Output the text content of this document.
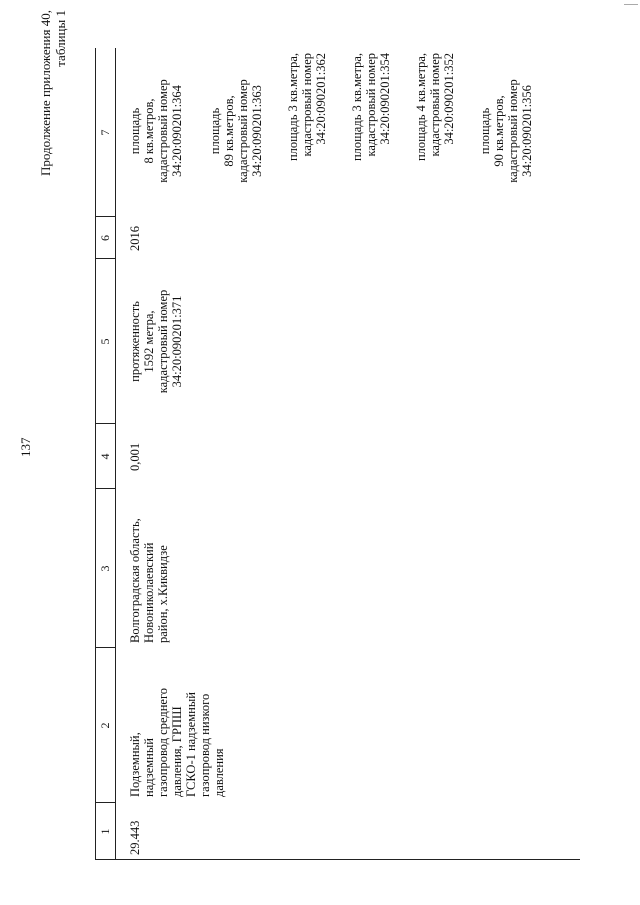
137
Продолжение приложения 40, таблицы 1
1
2
3
4
5
6
7
29.443
Подземный, надземный газопровод среднего давления, ГРПШ ГСКО-1 надземный газопровод низкого давления
Волгоградская область, Новониколаевский район, х.Киквидзе
0,001
протяженность 1592 метра, кадастровый номер 34:20:090201:371
2016
площадь 8 кв.метров, кадастровый номер 34:20:090201:364 площадь 89 кв.метров, кадастровый номер 34:20:090201:363 площадь 3 кв.метра, кадастровый номер 34:20:090201:362 площадь 3 кв.метра, кадастровый номер 34:20:090201:354 площадь 4 кв.метра, кадастровый номер 34:20:090201:352 площадь 90 кв.метров, кадастровый номер 34:20:090201:356
